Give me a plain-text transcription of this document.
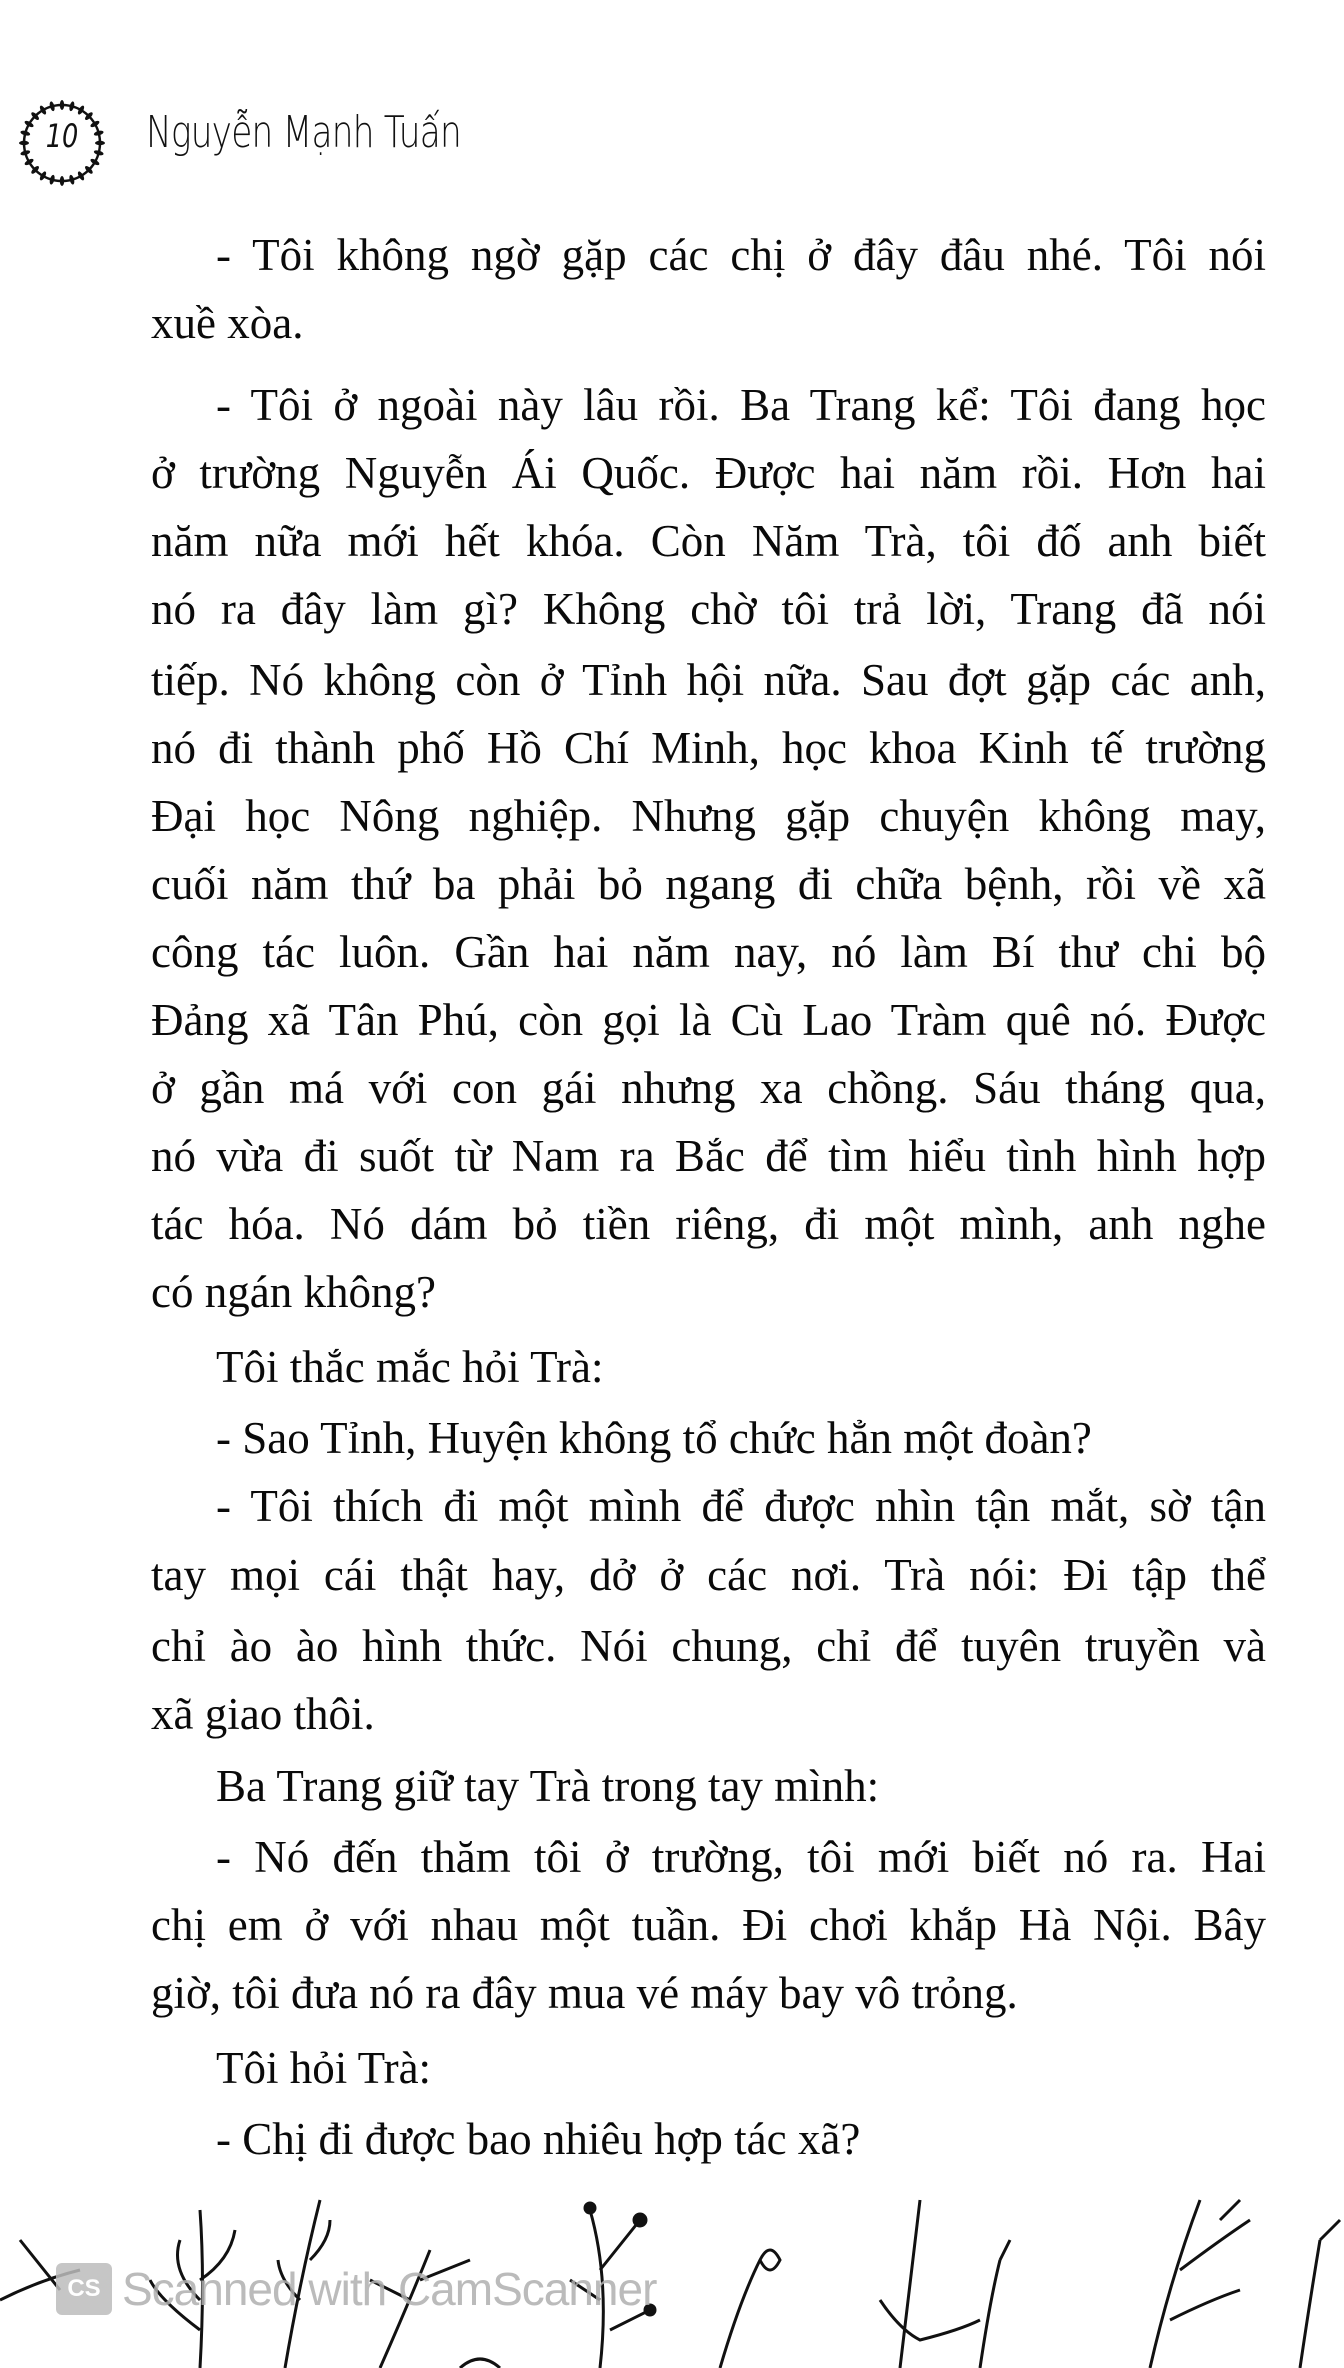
10 Nguyễn Mạnh Tuấn
- Tôi không ngờ gặp các chị ở đây đâu nhé. Tôi nói
xuề xòa.
- Tôi ở ngoài này lâu rồi. Ba Trang kể: Tôi đang học
ở trường Nguyễn Ái Quốc. Được hai năm rồi. Hơn hai
năm nữa mới hết khóa. Còn Năm Trà, tôi đố anh biết
nó ra đây làm gì? Không chờ tôi trả lời, Trang đã nói
tiếp. Nó không còn ở Tỉnh hội nữa. Sau đợt gặp các anh,
nó đi thành phố Hồ Chí Minh, học khoa Kinh tế trường
Đại học Nông nghiệp. Nhưng gặp chuyện không may,
cuối năm thứ ba phải bỏ ngang đi chữa bệnh, rồi về xã
công tác luôn. Gần hai năm nay, nó làm Bí thư chi bộ
Đảng xã Tân Phú, còn gọi là Cù Lao Tràm quê nó. Được
ở gần má với con gái nhưng xa chồng. Sáu tháng qua,
nó vừa đi suốt từ Nam ra Bắc để tìm hiểu tình hình hợp
tác hóa. Nó dám bỏ tiền riêng, đi một mình, anh nghe
có ngán không?
Tôi thắc mắc hỏi Trà:
- Sao Tỉnh, Huyện không tổ chức hẳn một đoàn?
- Tôi thích đi một mình để được nhìn tận mắt, sờ tận
tay mọi cái thật hay, dở ở các nơi. Trà nói: Đi tập thể
chỉ ào ào hình thức. Nói chung, chỉ để tuyên truyền và
xã giao thôi.
Ba Trang giữ tay Trà trong tay mình:
- Nó đến thăm tôi ở trường, tôi mới biết nó ra. Hai
chị em ở với nhau một tuần. Đi chơi khắp Hà Nội. Bây
giờ, tôi đưa nó ra đây mua vé máy bay vô trỏng.
Tôi hỏi Trà:
- Chị đi được bao nhiêu hợp tác xã?
CS Scanned with CamScanner
